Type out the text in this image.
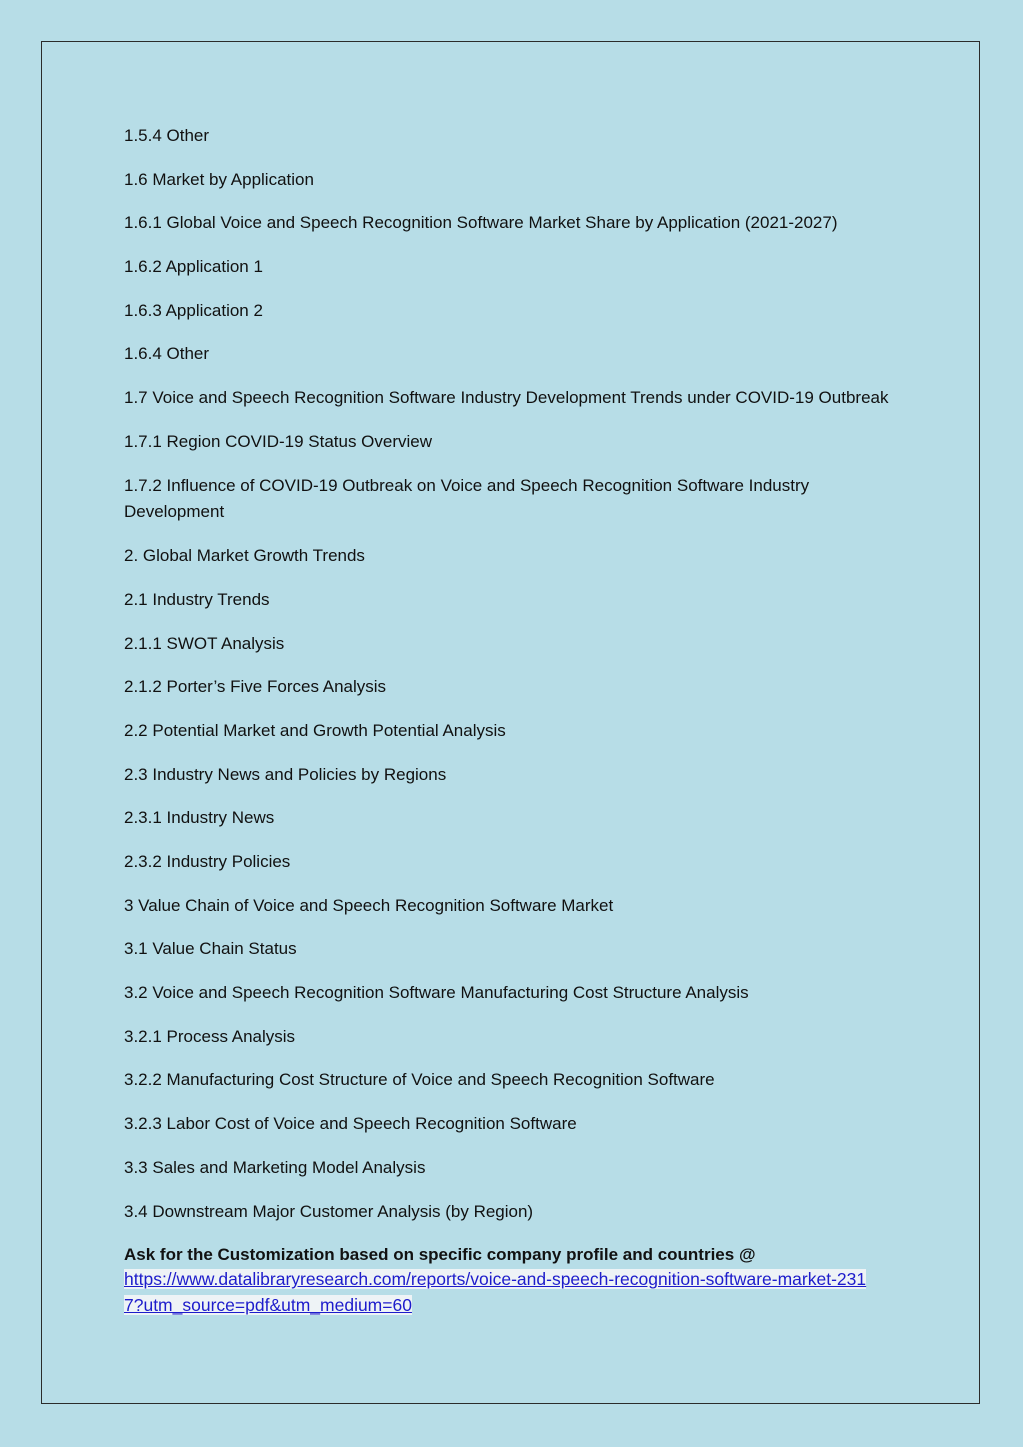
1.5.4 Other

1.6 Market by Application

1.6.1 Global Voice and Speech Recognition Software Market Share by Application (2021-2027)

1.6.2 Application 1

1.6.3 Application 2

1.6.4 Other

1.7 Voice and Speech Recognition Software Industry Development Trends under COVID-19 Outbreak

1.7.1 Region COVID-19 Status Overview

1.7.2 Influence of COVID-19 Outbreak on Voice and Speech Recognition Software Industry Development

2. Global Market Growth Trends

2.1 Industry Trends

2.1.1 SWOT Analysis

2.1.2 Porter’s Five Forces Analysis

2.2 Potential Market and Growth Potential Analysis

2.3 Industry News and Policies by Regions

2.3.1 Industry News

2.3.2 Industry Policies

3 Value Chain of Voice and Speech Recognition Software Market

3.1 Value Chain Status

3.2 Voice and Speech Recognition Software Manufacturing Cost Structure Analysis

3.2.1 Process Analysis

3.2.2 Manufacturing Cost Structure of Voice and Speech Recognition Software

3.2.3 Labor Cost of Voice and Speech Recognition Software

3.3 Sales and Marketing Model Analysis

3.4 Downstream Major Customer Analysis (by Region)

Ask for the Customization based on specific company profile and countries @

https://www.datalibraryresearch.com/reports/voice-and-speech-recognition-software-market-2317?utm_source=pdf&utm_medium=60
